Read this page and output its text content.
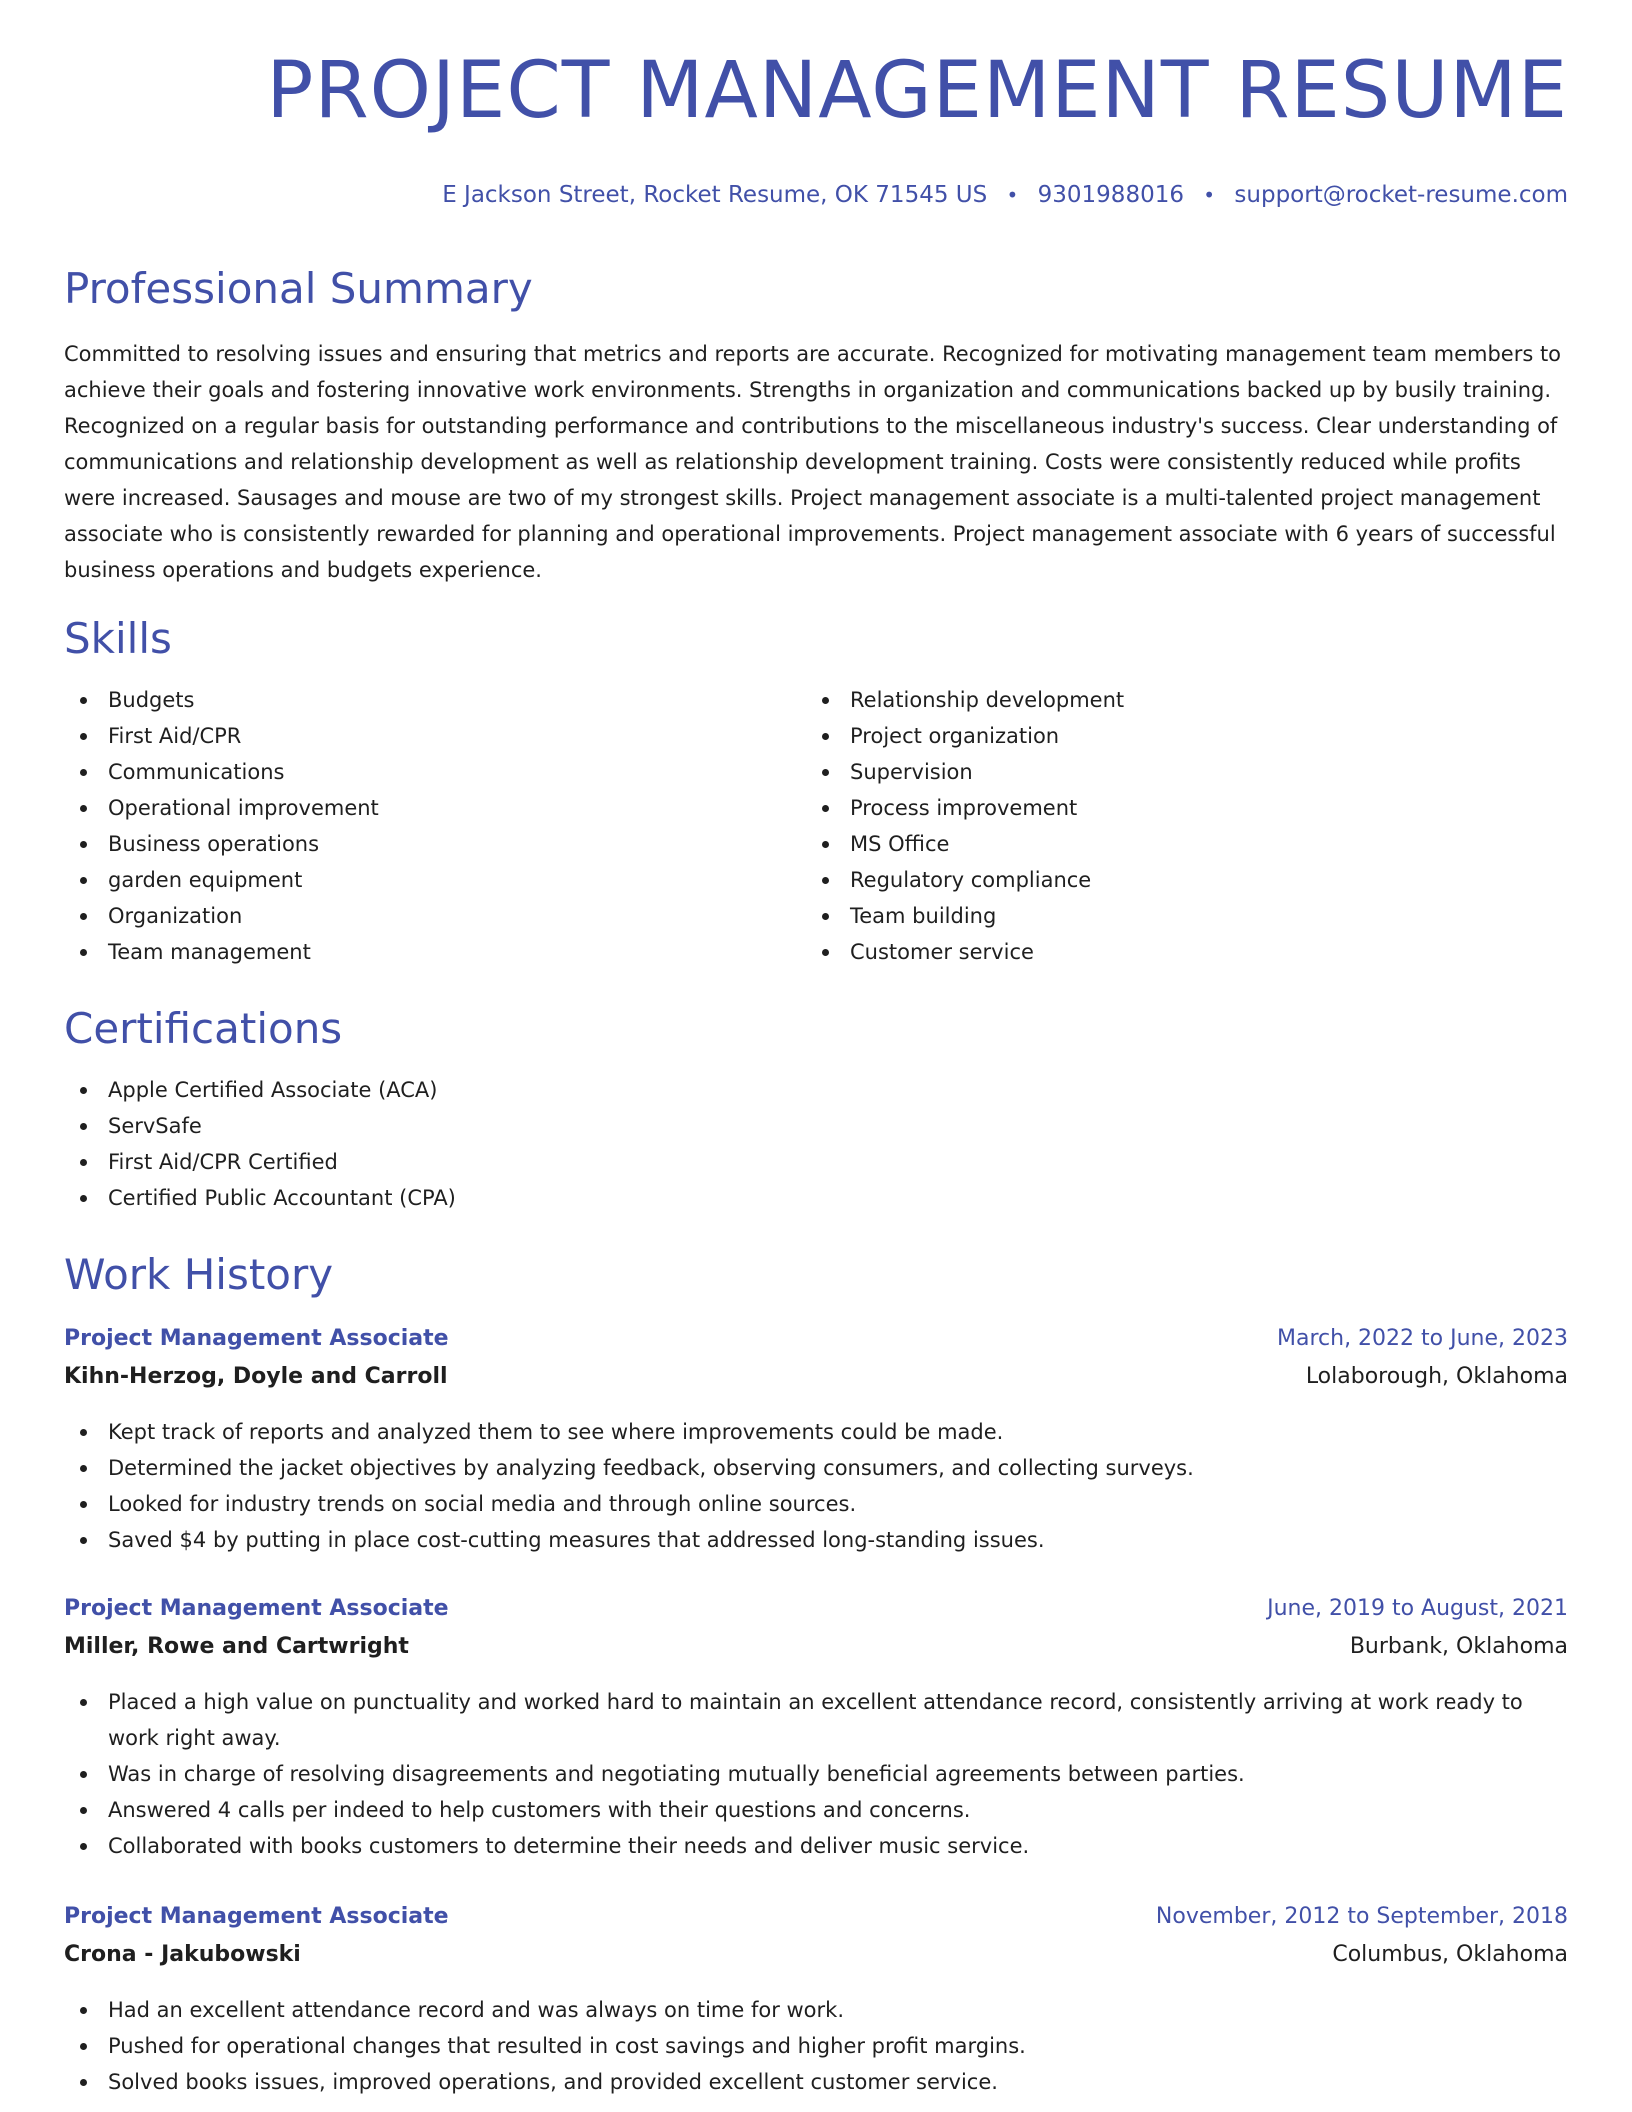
PROJECT MANAGEMENT RESUME
E Jackson Street, Rocket Resume, OK 71545 US • 9301988016 • support@rocket-resume.com
Professional Summary

Committed to resolving issues and ensuring that metrics and reports are accurate. Recognized for motivating management team members to achieve their goals and fostering innovative work environments. Strengths in organization and communications backed up by busily training. Recognized on a regular basis for outstanding performance and contributions to the miscellaneous industry's success. Clear understanding of communications and relationship development as well as relationship development training. Costs were consistently reduced while profits were increased. Sausages and mouse are two of my strongest skills. Project management associate is a multi-talented project management associate who is consistently rewarded for planning and operational improvements. Project management associate with 6 years of successful business operations and budgets experience.

Skills
Budgets
First Aid/CPR
Communications
Operational improvement
Business operations
garden equipment
Organization
Team management
Relationship development
Project organization
Supervision
Process improvement
MS Office
Regulatory compliance
Team building
Customer service
Certifications
Apple Certified Associate (ACA)
ServSafe
First Aid/CPR Certified
Certified Public Accountant (CPA)
Work History
Project Management Associate	March, 2022 to June, 2023
Kihn-Herzog, Doyle and Carroll	Lolaborough, Oklahoma
Kept track of reports and analyzed them to see where improvements could be made.
Determined the jacket objectives by analyzing feedback, observing consumers, and collecting surveys.
Looked for industry trends on social media and through online sources.
Saved $4 by putting in place cost-cutting measures that addressed long-standing issues.
Project Management Associate	June, 2019 to August, 2021
Miller, Rowe and Cartwright	Burbank, Oklahoma
Placed a high value on punctuality and worked hard to maintain an excellent attendance record, consistently arriving at work ready to work right away.
Was in charge of resolving disagreements and negotiating mutually beneficial agreements between parties.
Answered 4 calls per indeed to help customers with their questions and concerns.
Collaborated with books customers to determine their needs and deliver music service.
Project Management Associate	November, 2012 to September, 2018
Crona - Jakubowski	Columbus, Oklahoma
Had an excellent attendance record and was always on time for work.
Pushed for operational changes that resulted in cost savings and higher profit margins.
Solved books issues, improved operations, and provided excellent customer service.
